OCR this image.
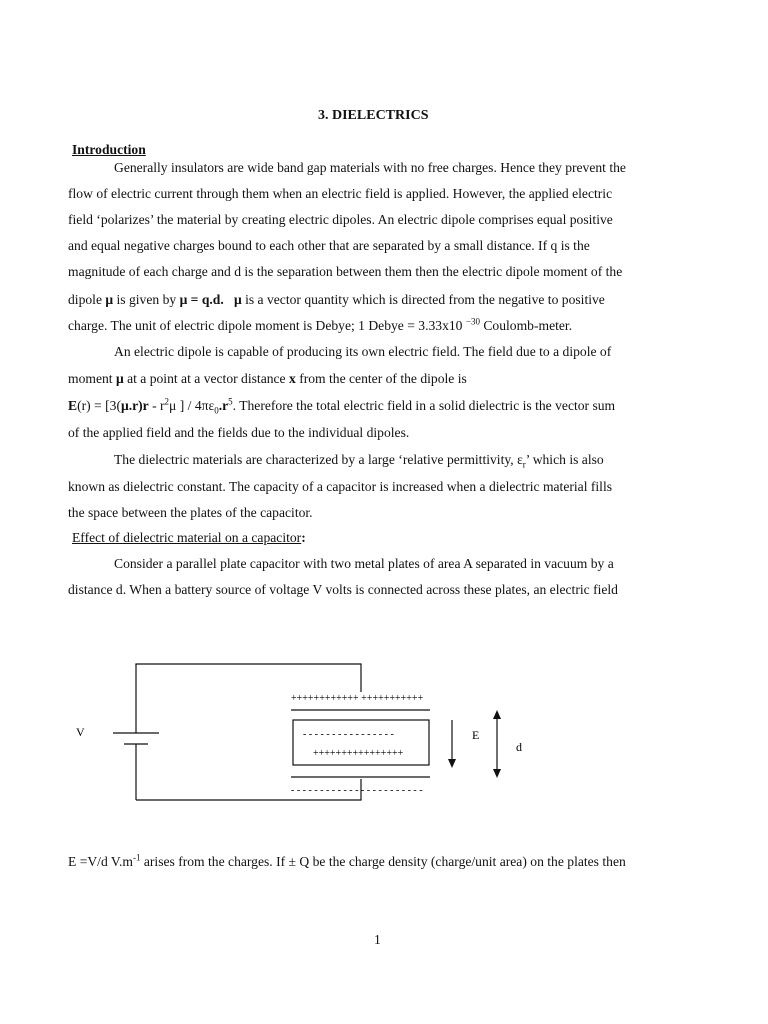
3. DIELECTRICS
Introduction
Generally insulators are wide band gap materials with no free charges. Hence they prevent the
flow of electric current through them when an electric field is applied. However, the applied electric
field ‘polarizes’ the material by creating electric dipoles. An electric dipole comprises equal positive
and equal negative charges bound to each other that are separated by a small distance. If q is the
magnitude of each charge and d is the separation between them then the electric dipole moment of the
dipole μ is given by μ = q.d. μ is a vector quantity which is directed from the negative to positive
charge. The unit of electric dipole moment is Debye; 1 Debye = 3.33x10 $^{-30}$ Coulomb-meter.
An electric dipole is capable of producing its own electric field. The field due to a dipole of
moment μ at a point at a vector distance x from the center of the dipole is
$E(r) = [3(\mu.r)r - r^2\mu$ ] / $4\pi\varepsilon_0.r^5$. Therefore the total electric field in a solid dielectric is the vector sum
of the applied field and the fields due to the individual dipoles.
The dielectric materials are characterized by a large ‘relative permittivity, $\varepsilon_r$’ which is also
known as dielectric constant. The capacity of a capacitor is increased when a dielectric material fills
the space between the plates of the capacitor.
Effect of dielectric material on a capacitor:
Consider a parallel plate capacitor with two metal plates of area A separated in vacuum by a
distance d. When a battery source of voltage V volts is connected across these plates, an electric field
V	E
d
++++++++++++ +++++++++++
- - - - - - - - - - - - - - - -
++++++++++++++++
- - - - - - - - - - - - - - - - - - - - - - -
E =V/d $V.m^{-1}$ arises from the charges. If ± Q be the charge density (charge/unit area) on the plates then
1
